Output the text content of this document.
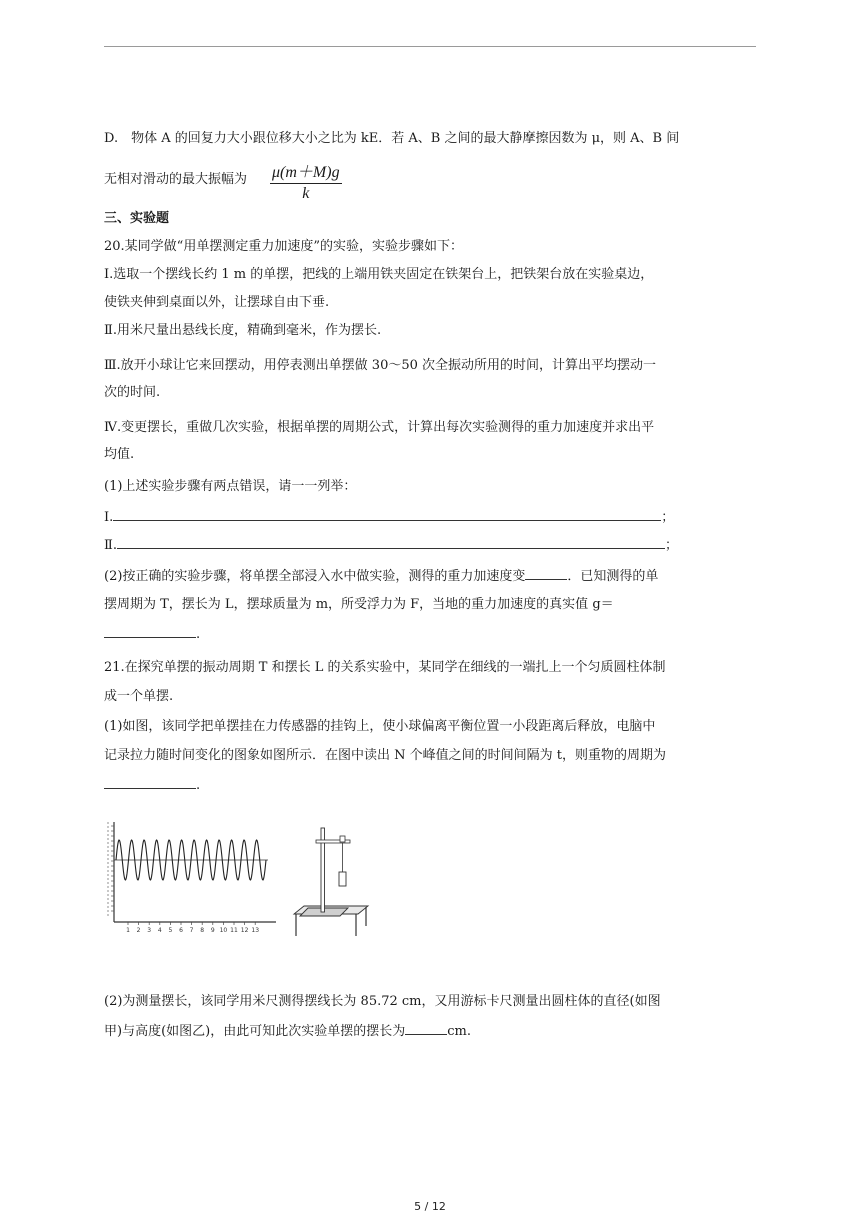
D.　物体 A 的回复力大小跟位移大小之比为 kE．若 A、B 之间的最大静摩擦因数为 μ，则 A、B 间
无相对滑动的最大振幅为	$\frac{\mu(m+M)g}{k}$
三、实验题
20.某同学做“用单摆测定重力加速度”的实验，实验步骤如下：
Ⅰ.选取一个摆线长约 1 m 的单摆，把线的上端用铁夹固定在铁架台上，把铁架台放在实验桌边，
使铁夹伸到桌面以外，让摆球自由下垂.
Ⅱ.用米尺量出悬线长度，精确到毫米，作为摆长.
Ⅲ.放开小球让它来回摆动，用停表测出单摆做 30～50 次全振动所用的时间，计算出平均摆动一
次的时间.
Ⅳ.变更摆长，重做几次实验，根据单摆的周期公式，计算出每次实验测得的重力加速度并求出平
均值.
(1)上述实验步骤有两点错误，请一一列举：
Ⅰ.	；
Ⅱ.	；
(2)按正确的实验步骤，将单摆全部浸入水中做实验，测得的重力加速度变	．已知测得的单
摆周期为 T，摆长为 L，摆球质量为 m，所受浮力为 F，当地的重力加速度的真实值 g＝
.
21.在探究单摆的振动周期 T 和摆长 L 的关系实验中，某同学在细线的一端扎上一个匀质圆柱体制
成一个单摆.
(1)如图，该同学把单摆挂在力传感器的挂钩上，使小球偏离平衡位置一小段距离后释放，电脑中
记录拉力随时间变化的图象如图所示．在图中读出 N 个峰值之间的时间间隔为 t，则重物的周期为
.
1 2 3 4 5 6 7 8 9 10 11 12 13
(2)为测量摆长，该同学用米尺测得摆线长为 85.72 cm，又用游标卡尺测量出圆柱体的直径(如图
甲)与高度(如图乙)，由此可知此次实验单摆的摆长为	cm.
5 / 12
